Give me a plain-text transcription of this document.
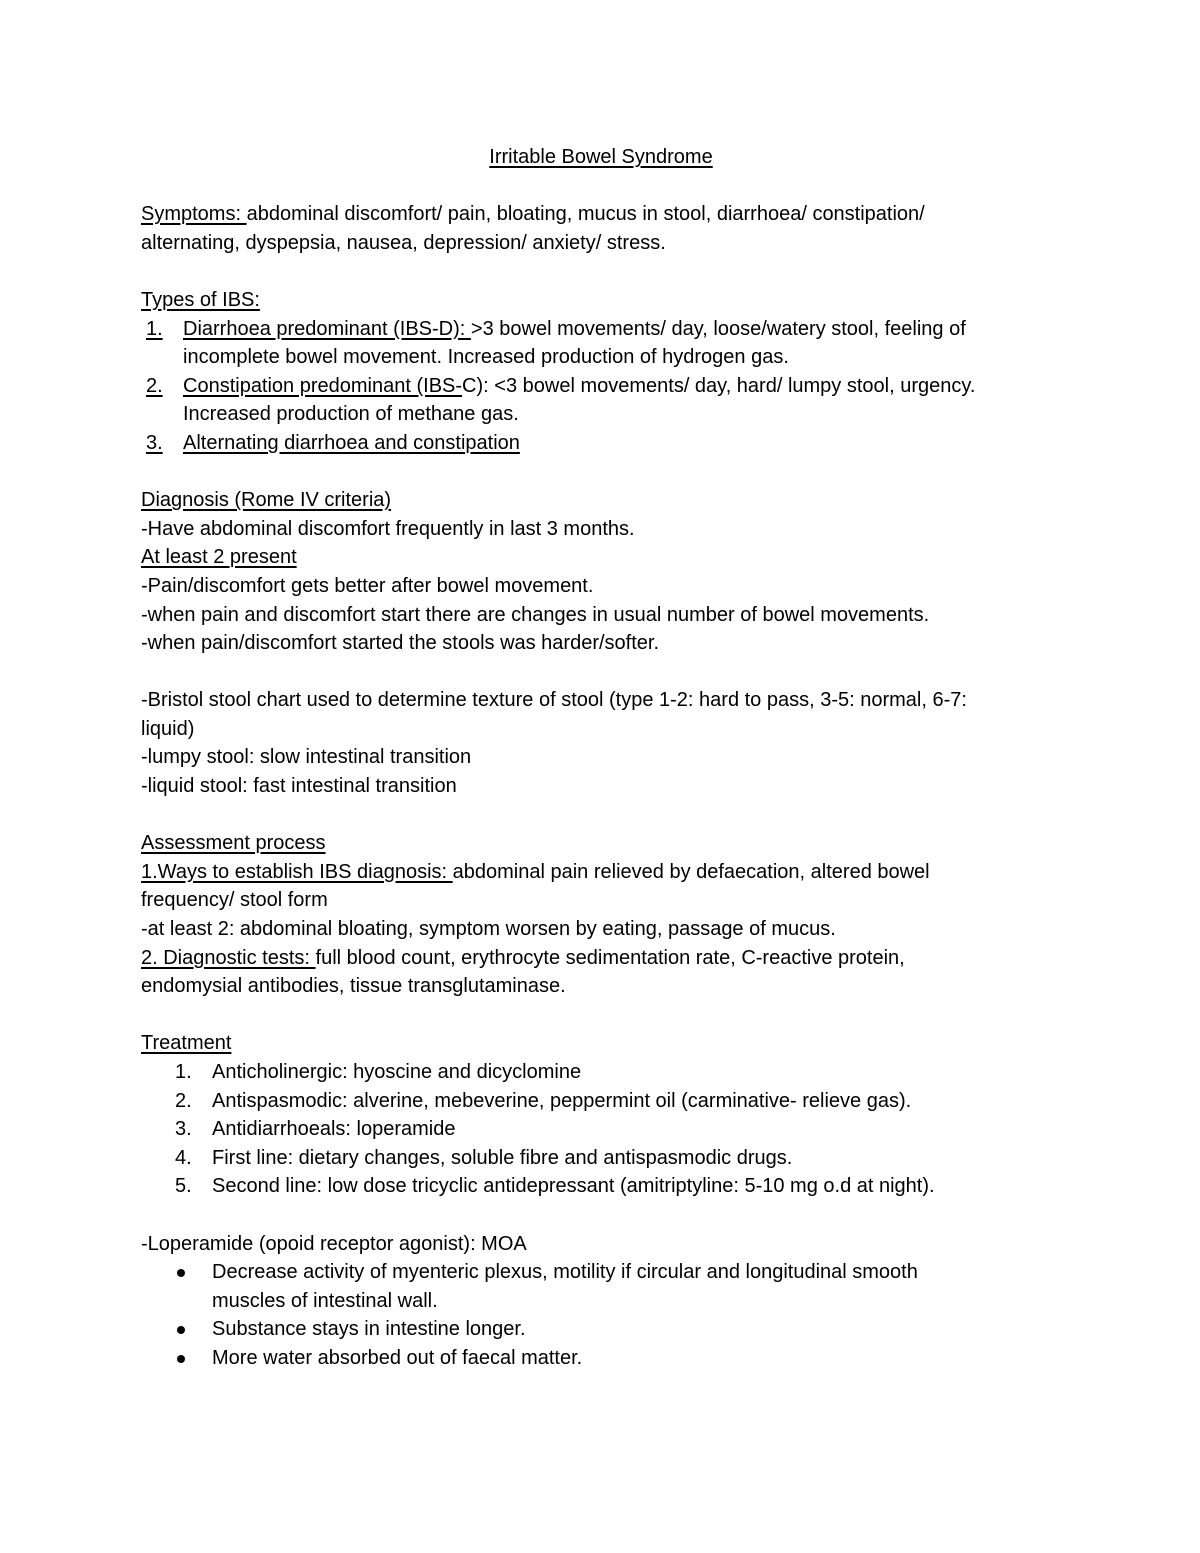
Irritable Bowel Syndrome
Symptoms: abdominal discomfort/ pain, bloating, mucus in stool, diarrhoea/ constipation/
alternating, dyspepsia, nausea, depression/ anxiety/ stress.
Types of IBS:
1. Diarrhoea predominant (IBS-D): >3 bowel movements/ day, loose/watery stool, feeling of
incomplete bowel movement. Increased production of hydrogen gas.
2. Constipation predominant (IBS-C): <3 bowel movements/ day, hard/ lumpy stool, urgency.
Increased production of methane gas.
3. Alternating diarrhoea and constipation
Diagnosis (Rome IV criteria)
-Have abdominal discomfort frequently in last 3 months.
At least 2 present
-Pain/discomfort gets better after bowel movement.
-when pain and discomfort start there are changes in usual number of bowel movements.
-when pain/discomfort started the stools was harder/softer.
-Bristol stool chart used to determine texture of stool (type 1-2: hard to pass, 3-5: normal, 6-7:
liquid)
-lumpy stool: slow intestinal transition
-liquid stool: fast intestinal transition
Assessment process
1.Ways to establish IBS diagnosis: abdominal pain relieved by defaecation, altered bowel
frequency/ stool form
-at least 2: abdominal bloating, symptom worsen by eating, passage of mucus.
2. Diagnostic tests: full blood count, erythrocyte sedimentation rate, C-reactive protein,
endomysial antibodies, tissue transglutaminase.
Treatment
1. Anticholinergic: hyoscine and dicyclomine
2. Antispasmodic: alverine, mebeverine, peppermint oil (carminative- relieve gas).
3. Antidiarrhoeals: loperamide
4. First line: dietary changes, soluble fibre and antispasmodic drugs.
5. Second line: low dose tricyclic antidepressant (amitriptyline: 5-10 mg o.d at night).
-Loperamide (opoid receptor agonist): MOA
Decrease activity of myenteric plexus, motility if circular and longitudinal smooth
muscles of intestinal wall.
Substance stays in intestine longer.
More water absorbed out of faecal matter.
